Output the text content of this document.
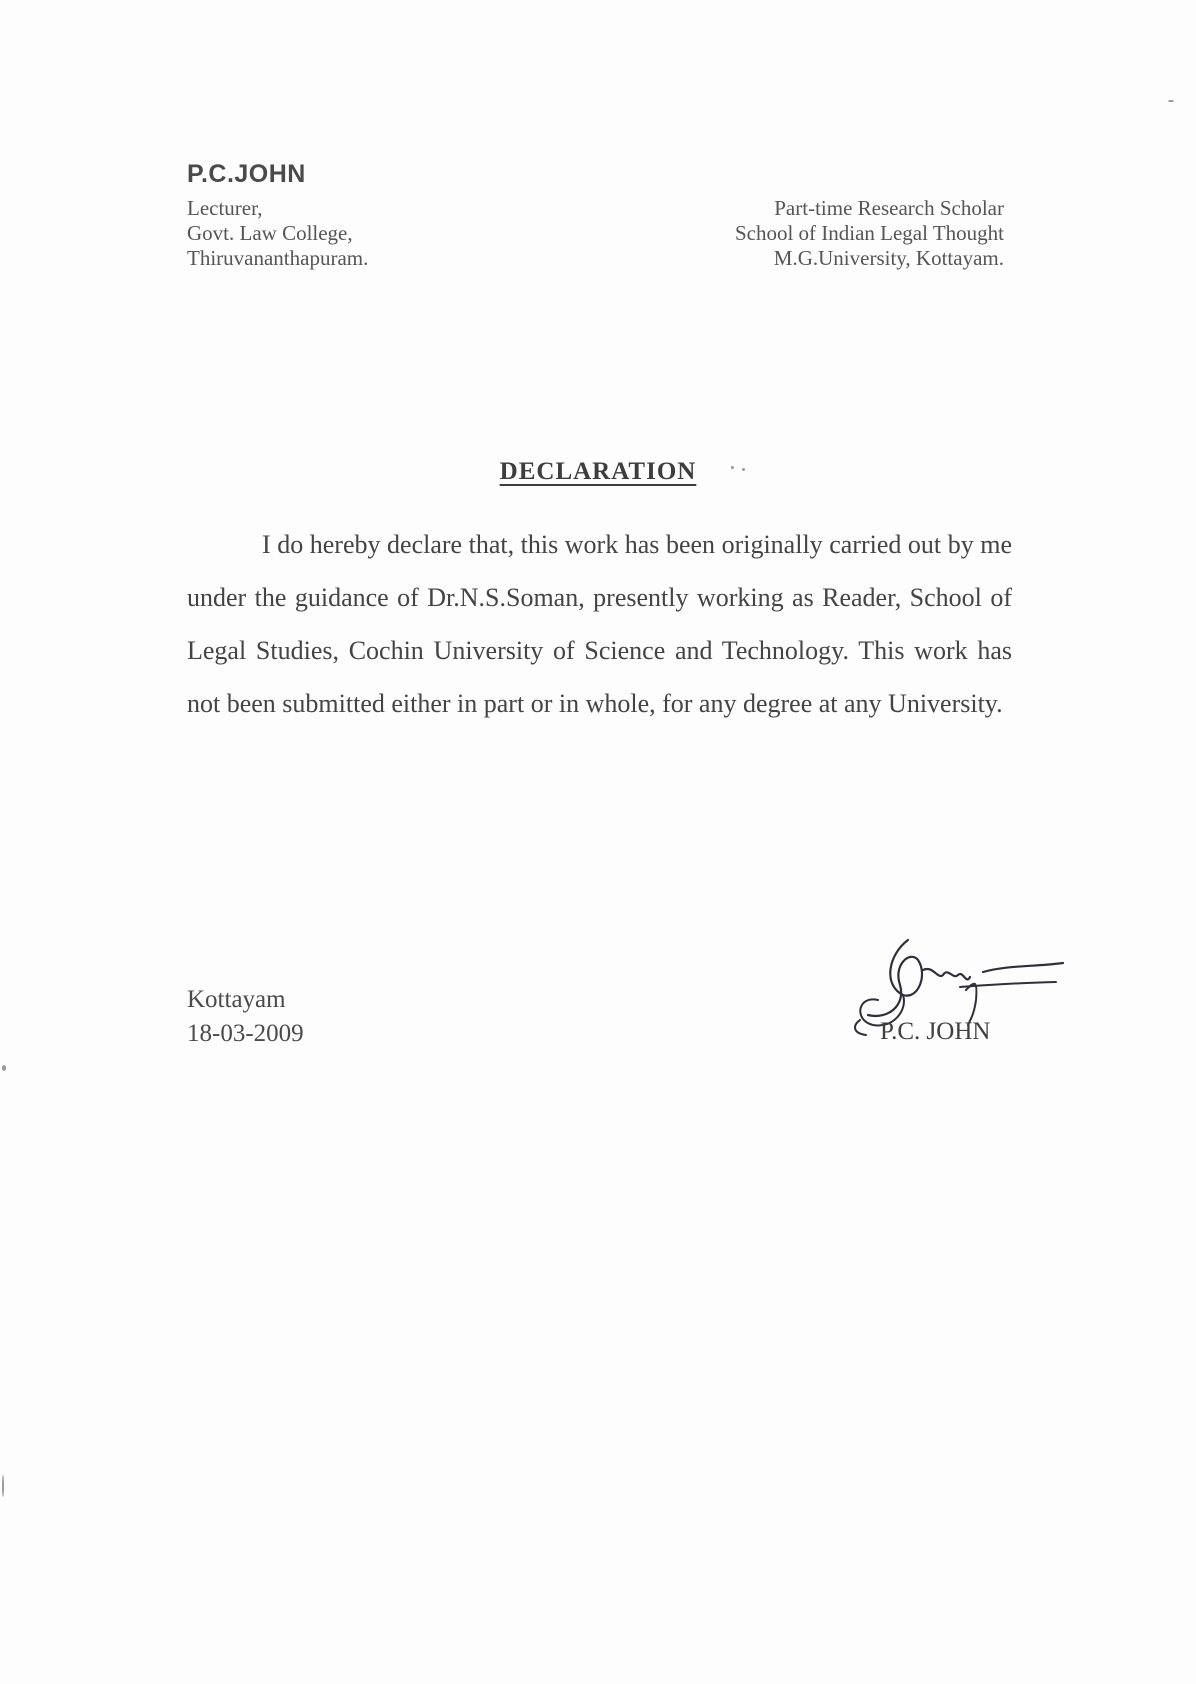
P.C.JOHN
Lecturer,
Govt. Law College,
Thiruvananthapuram.
Part-time Research Scholar
School of Indian Legal Thought
M.G.University, Kottayam.
DECLARATION
I do hereby declare that, this work has been originally carried out by me under the guidance of Dr.N.S.Soman, presently working as Reader, School of Legal Studies, Cochin University of Science and Technology. This work has not been submitted either in part or in whole, for any degree at any University.
Kottayam
18-03-2009	P.C. JOHN
